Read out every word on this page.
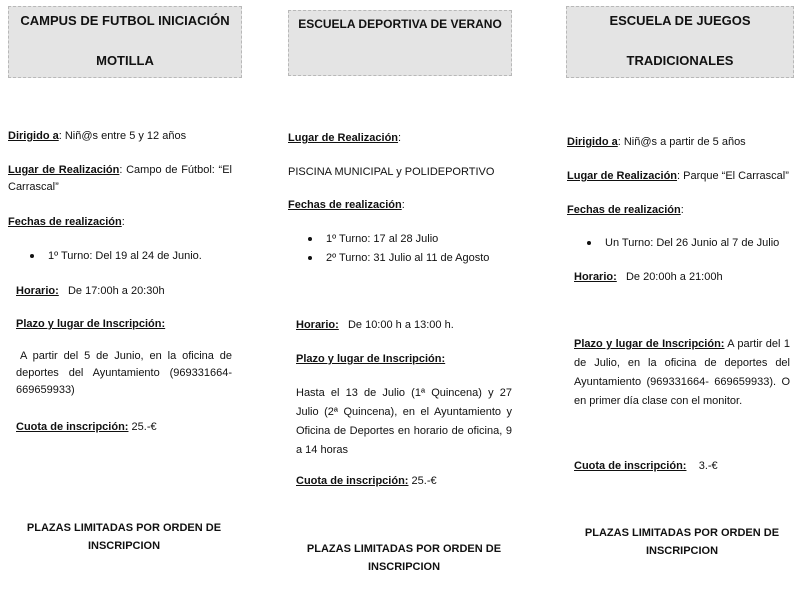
CAMPUS DE FUTBOL INICIACIÓN
MOTILLA
ESCUELA DEPORTIVA DE VERANO	ESCUELA DE JUEGOS
TRADICIONALES

Dirigido a: Niñ@s entre 5 y 12 años

Lugar de Realización: Campo de Fútbol: “El Carrascal”

Fechas de realización:

1º Turno: Del 19 al 24 de Junio.

Horario: De 17:00h a 20:30h

Plazo y lugar de Inscripción:

A partir del 5 de Junio, en la oficina de deportes del Ayuntamiento (969331664-669659933)

Cuota de inscripción: 25.-€

PLAZAS LIMITADAS POR ORDEN DE

INSCRIPCION

Lugar de Realización:

PISCINA MUNICIPAL y POLIDEPORTIVO

Fechas de realización:

1º Turno: 17 al 28 Julio
2º Turno: 31 Julio al 11 de Agosto

Horario: De 10:00 h a 13:00 h.

Plazo y lugar de Inscripción:

Hasta el 13 de Julio (1ª Quincena) y 27 Julio (2ª Quincena), en el Ayuntamiento y Oficina de Deportes en horario de oficina, 9 a 14 horas

Cuota de inscripción: 25.-€

PLAZAS LIMITADAS POR ORDEN DE

INSCRIPCION

Dirigido a: Niñ@s a partir de 5 años

Lugar de Realización: Parque “El Carrascal”

Fechas de realización:

Un Turno: Del 26 Junio al 7 de Julio

Horario: De 20:00h a 21:00h

Plazo y lugar de Inscripción: A partir del 1 de Julio, en la oficina de deportes del Ayuntamiento (969331664- 669659933). O en primer día clase con el monitor.

Cuota de inscripción: 3.-€

PLAZAS LIMITADAS POR ORDEN DE

INSCRIPCION
